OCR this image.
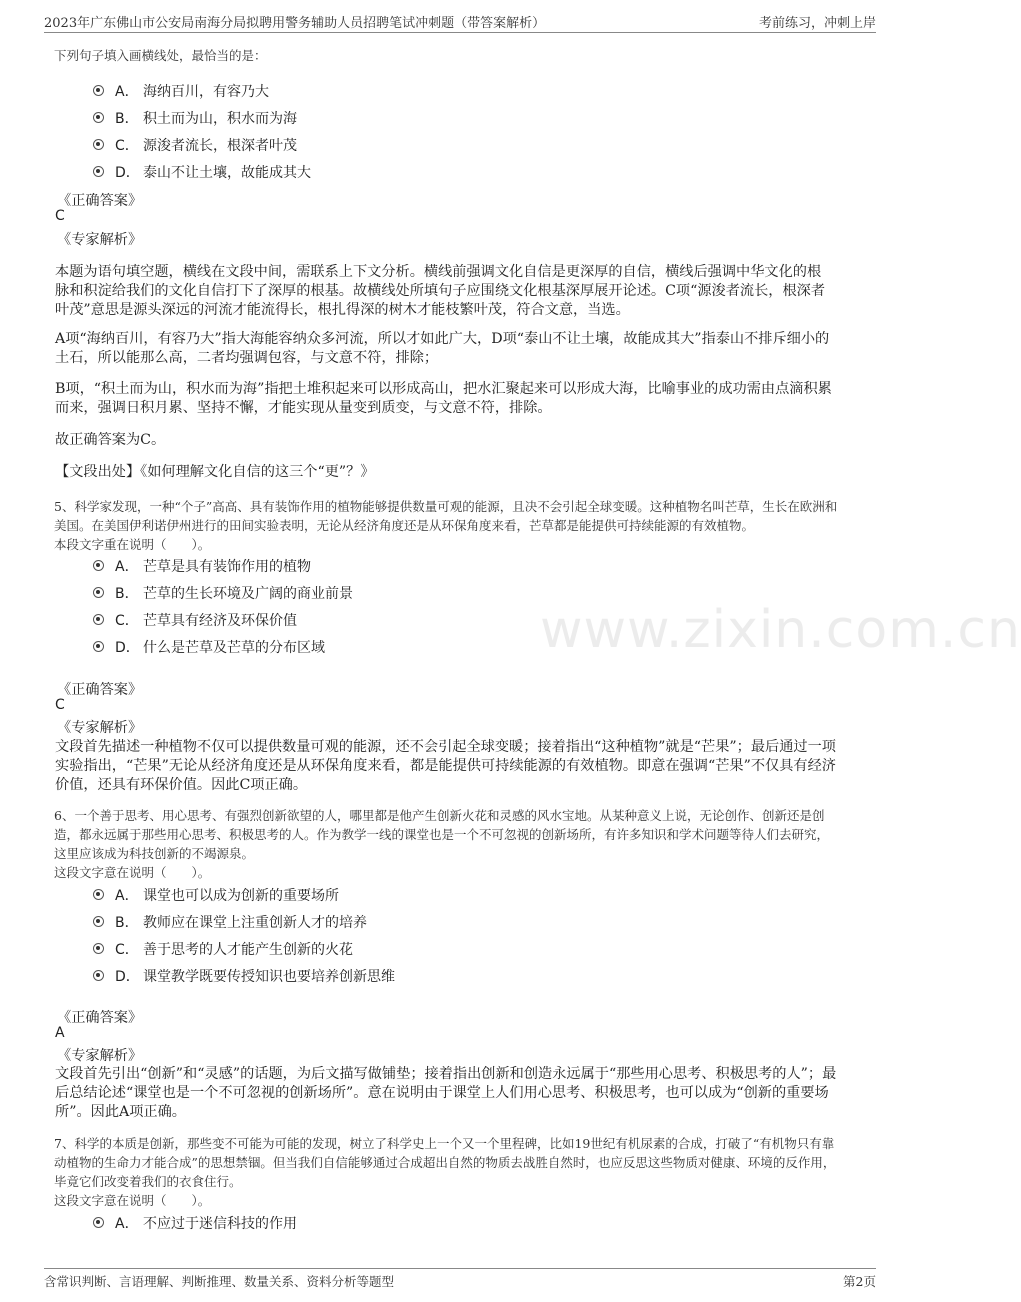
2023年广东佛山市公安局南海分局拟聘用警务辅助人员招聘笔试冲刺题（带答案解析）	考前练习，冲刺上岸
www.zixin.com.cn
下列句子填入画横线处，最恰当的是：
A． 海纳百川，有容乃大
B． 积土而为山，积水而为海
C． 源浚者流长，根深者叶茂
D． 泰山不让土壤，故能成其大
《正确答案》
C
《专家解析》
本题为语句填空题，横线在文段中间，需联系上下文分析。横线前强调文化自信是更深厚的自信，横线后强调中华文化的根
脉和积淀给我们的文化自信打下了深厚的根基。故横线处所填句子应围绕文化根基深厚展开论述。C项“源浚者流长，根深者
叶茂”意思是源头深远的河流才能流得长，根扎得深的树木才能枝繁叶茂，符合文意，当选。
A项“海纳百川，有容乃大”指大海能容纳众多河流，所以才如此广大，D项“泰山不让土壤，故能成其大”指泰山不排斥细小的
土石，所以能那么高，二者均强调包容，与文意不符，排除；
B项，“积土而为山，积水而为海”指把土堆积起来可以形成高山，把水汇聚起来可以形成大海，比喻事业的成功需由点滴积累
而来，强调日积月累、坚持不懈，才能实现从量变到质变，与文意不符，排除。
故正确答案为C。
【文段出处】《如何理解文化自信的这三个“更”？》
5、科学家发现，一种“个子”高高、具有装饰作用的植物能够提供数量可观的能源，且决不会引起全球变暖。这种植物名叫芒草，生长在欧洲和
美国。在美国伊利诺伊州进行的田间实验表明，无论从经济角度还是从环保角度来看，芒草都是能提供可持续能源的有效植物。
本段文字重在说明（　　）。
A． 芒草是具有装饰作用的植物
B． 芒草的生长环境及广阔的商业前景
C． 芒草具有经济及环保价值
D． 什么是芒草及芒草的分布区域
《正确答案》
C
《专家解析》
文段首先描述一种植物不仅可以提供数量可观的能源，还不会引起全球变暖；接着指出“这种植物”就是“芒果”；最后通过一项
实验指出，“芒果”无论从经济角度还是从环保角度来看，都是能提供可持续能源的有效植物。即意在强调“芒果”不仅具有经济
价值，还具有环保价值。因此C项正确。
6、一个善于思考、用心思考、有强烈创新欲望的人，哪里都是他产生创新火花和灵感的风水宝地。从某种意义上说，无论创作、创新还是创
造，都永远属于那些用心思考、积极思考的人。作为教学一线的课堂也是一个不可忽视的创新场所，有许多知识和学术问题等待人们去研究，
这里应该成为科技创新的不竭源泉。
这段文字意在说明（　　）。
A． 课堂也可以成为创新的重要场所
B． 教师应在课堂上注重创新人才的培养
C． 善于思考的人才能产生创新的火花
D． 课堂教学既要传授知识也要培养创新思维
《正确答案》
A
《专家解析》
文段首先引出“创新”和“灵感”的话题，为后文描写做铺垫；接着指出创新和创造永远属于“那些用心思考、积极思考的人”；最
后总结论述“课堂也是一个不可忽视的创新场所”。意在说明由于课堂上人们用心思考、积极思考，也可以成为“创新的重要场
所”。因此A项正确。
7、科学的本质是创新，那些变不可能为可能的发现，树立了科学史上一个又一个里程碑，比如19世纪有机尿素的合成，打破了“有机物只有靠
动植物的生命力才能合成”的思想禁锢。但当我们自信能够通过合成超出自然的物质去战胜自然时，也应反思这些物质对健康、环境的反作用，
毕竟它们改变着我们的衣食住行。
这段文字意在说明（　　）。
A． 不应过于迷信科技的作用
含常识判断、言语理解、判断推理、数量关系、资料分析等题型	第2页
